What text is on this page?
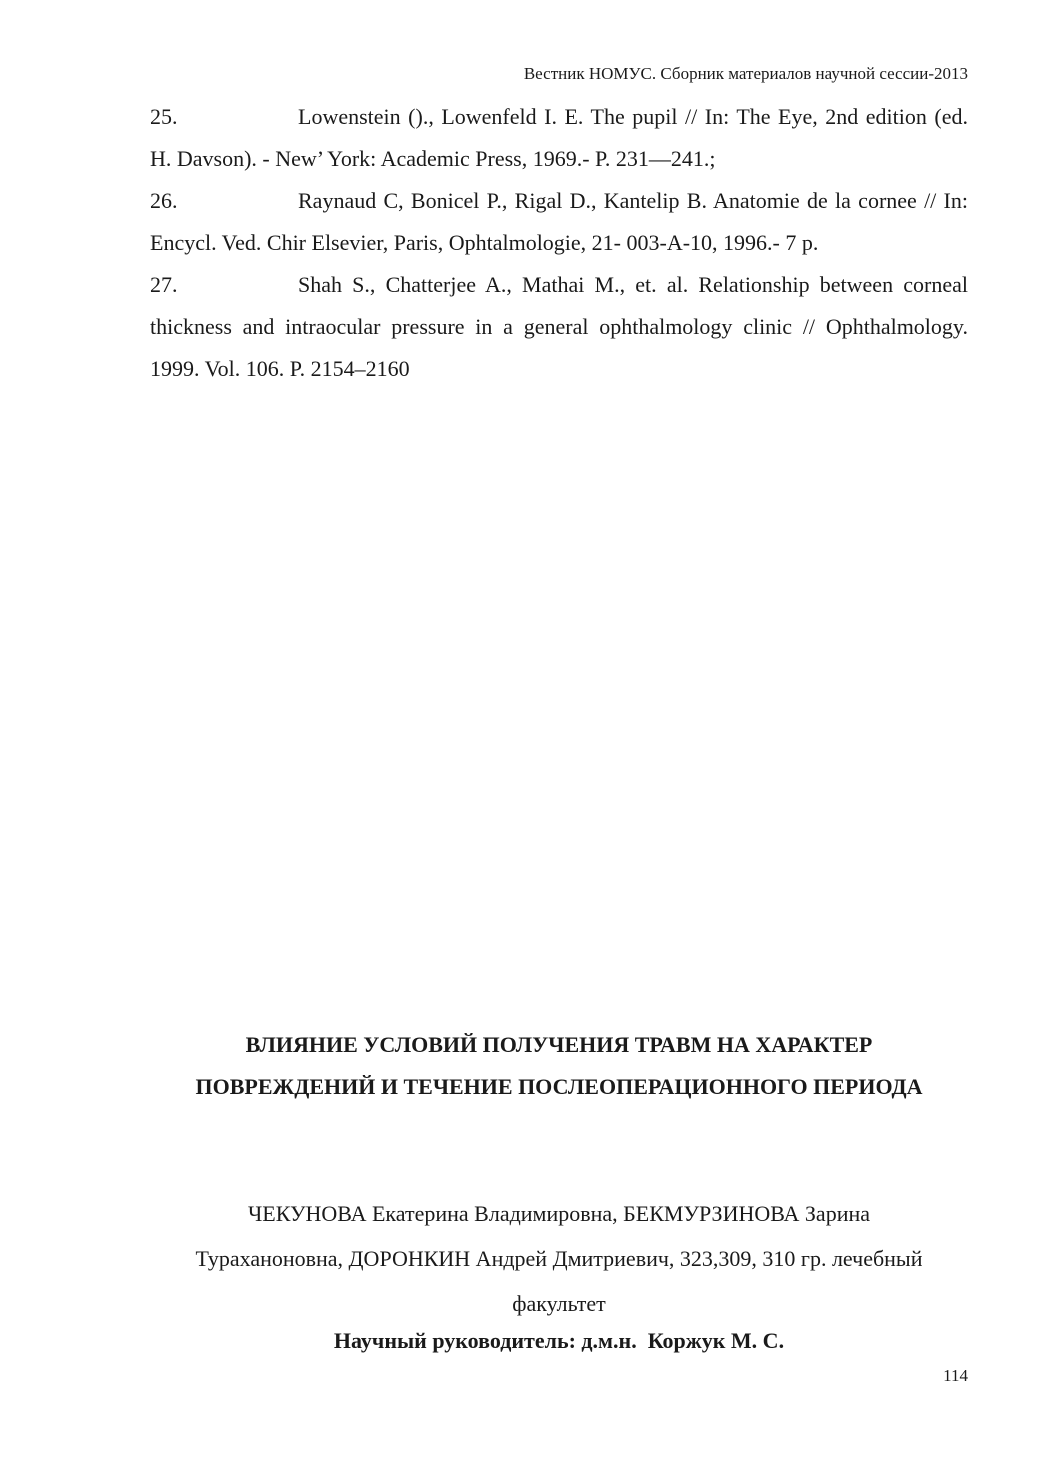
Вестник НОМУС. Сборник материалов научной сессии-2013

25.	Lowenstein ()., Lowenfeld I. E. The pupil // In: The Eye, 2nd edition (ed. H. Davson). - New’ York: Academic Press, 1969.- P. 231—241.;

26.	Raynaud C, Bonicel P., Rigal D., Kantelip B. Anatomie de la cornee // In: Encycl. Ved. Chir Elsevier, Paris, Ophtalmologie, 21- 003-A-10, 1996.- 7 p.

27.	Shah S., Chatterjee A., Mathai M., et. al. Relationship between corneal thickness and intraocular pressure in a general ophthalmology clinic // Ophthalmology. 1999. Vol. 106. P. 2154–2160

ВЛИЯНИЕ УСЛОВИЙ ПОЛУЧЕНИЯ ТРАВМ НА ХАРАКТЕР
ПОВРЕЖДЕНИЙ И ТЕЧЕНИЕ ПОСЛЕОПЕРАЦИОННОГО ПЕРИОДА

ЧЕКУНОВА Екатерина Владимировна, БЕКМУРЗИНОВА Зарина
Тураханоновна, ДОРОНКИН Андрей Дмитриевич, 323,309, 310 гр. лечебный
факультет

Научный руководитель: д.м.н.  Коржук М. С.

114
